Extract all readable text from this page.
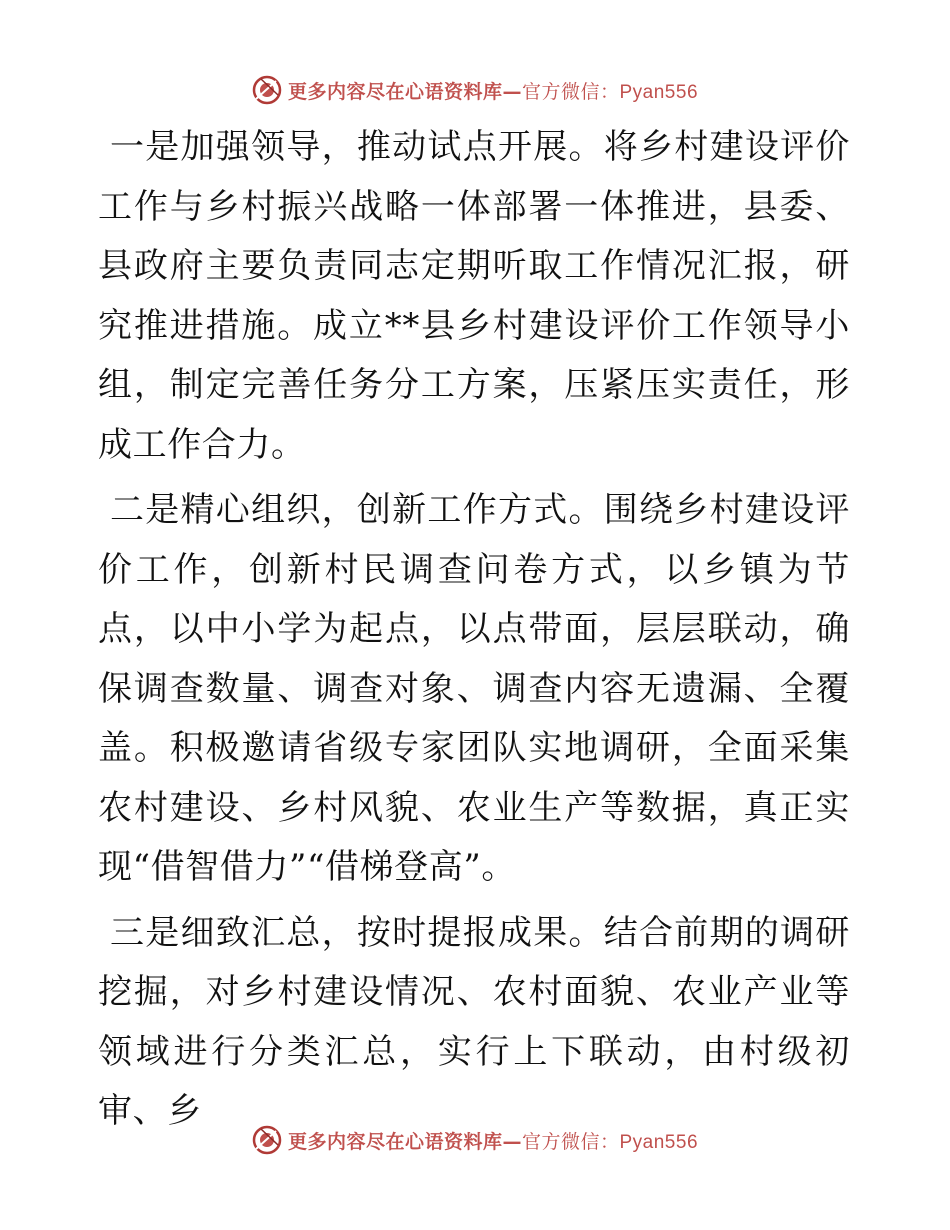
更多内容尽在心语资料库—官方微信：Pyan556

一是加强领导，推动试点开展。将乡村建设评价工作与乡村振兴战略一体部署一体推进，县委、县政府主要负责同志定期听取工作情况汇报，研究推进措施。成立**县乡村建设评价工作领导小组，制定完善任务分工方案，压紧压实责任，形成工作合力。

二是精心组织，创新工作方式。围绕乡村建设评价工作，创新村民调查问卷方式，以乡镇为节点，以中小学为起点，以点带面，层层联动，确保调查数量、调查对象、调查内容无遗漏、全覆盖。积极邀请省级专家团队实地调研，全面采集农村建设、乡村风貌、农业生产等数据，真正实现“借智借力”“借梯登高”。

三是细致汇总，按时提报成果。结合前期的调研挖掘，对乡村建设情况、农村面貌、农业产业等领域进行分类汇总，实行上下联动，由村级初审、乡

更多内容尽在心语资料库—官方微信：Pyan556
